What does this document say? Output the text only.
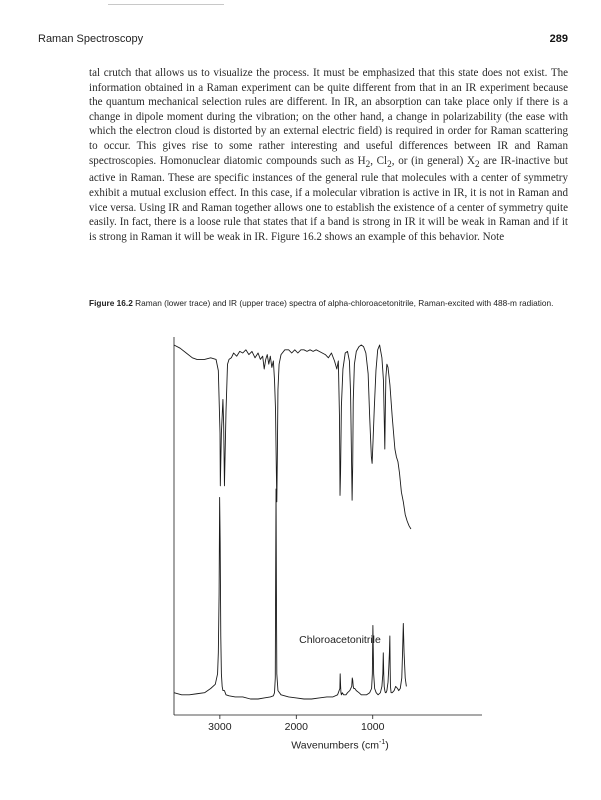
Raman Spectroscopy	289

tal crutch that allows us to visualize the process. It must be emphasized that this state does not exist. The information obtained in a Raman experiment can be quite different from that in an IR experiment because the quantum mechanical selection rules are different. In IR, an absorption can take place only if there is a change in dipole moment during the vibration; on the other hand, a change in polarizability (the ease with which the electron cloud is distorted by an external electric field) is required in order for Raman scattering to occur. This gives rise to some rather interesting and useful differences between IR and Raman spectroscopies. Homonuclear diatomic compounds such as $H_2$, $Cl_2$, or (in general) $X_2$ are IR-inactive but active in Raman. These are specific instances of the general rule that molecules with a center of symmetry exhibit a mutual exclusion effect. In this case, if a molecular vibration is active in IR, it is not in Raman and vice versa. Using IR and Raman together allows one to establish the existence of a center of symmetry quite easily. In fact, there is a loose rule that states that if a band is strong in IR it will be weak in Raman and if it is strong in Raman it will be weak in IR. Figure 16.2 shows an example of this behavior. Note

Figure 16.2 Raman (lower trace) and IR (upper trace) spectra of alpha-chloroacetonitrile, Raman-excited with 488-m radiation.

3000	2000	1000
Chloroacetonitrile
Wavenumbers $(cm^{-1})$
